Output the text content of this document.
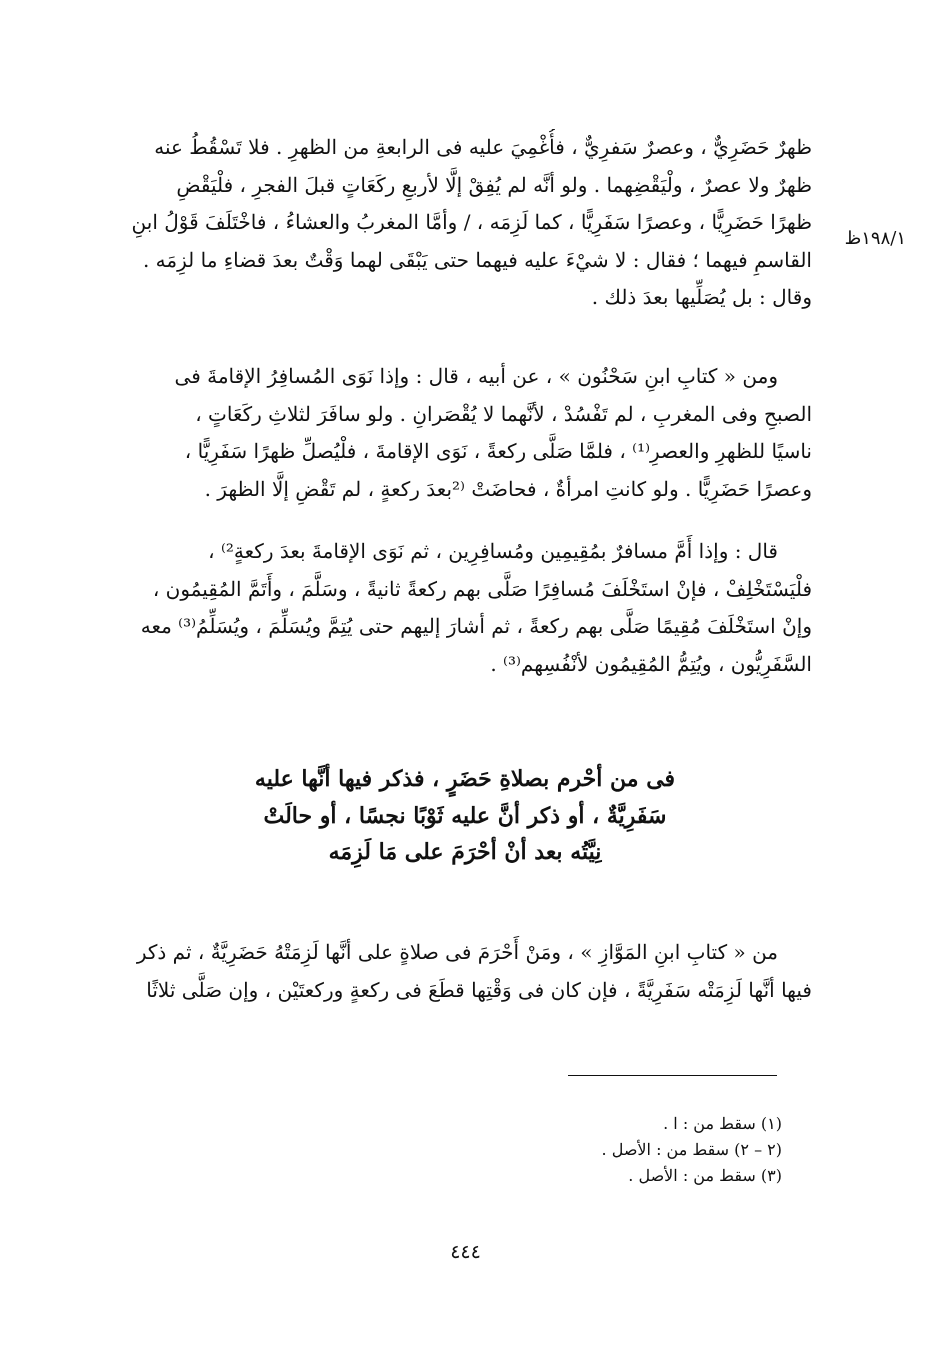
١٩٨/١ظ
ظهرٌ حَضَرِيٌّ ، وعصرٌ سَفرِيٌّ ، فأُغْمِيَ عليه فى الرابعةِ من الظهرِ . فلا تَسْقُطُ عنه
ظهرٌ ولا عصرٌ ، ولْيَقْضِهما . ولو أنَّه لم يُفِقْ إلَّا لأربعِ ركَعَاتٍ قبلَ الفجرِ ، فلْيَقْضِ
ظهرًا حَضَرِيًّا ، وعصرًا سَفَرِيًّا ، كما لَزِمَه ، / وأمَّا المغربُ والعشاءُ ، فاخْتَلَفَ قَوْلُ ابنِ
القاسمِ فيهما ؛ فقال : لا شيْءَ عليه فيهما حتى يَبْقَى لهما وَقْتٌ بعدَ قضاءِ ما لزِمَه .
وقال : بل يُصَلِّيها بعدَ ذلك .
ومن « كتابِ ابنِ سَحْنُون » ، عن أبيه ، قال : وإذا نَوَى المُسافِرُ الإقامةَ فى
الصبحِ وفى المغربِ ، لم تَفْسُدْ ، لأنَّهما لا يُقْصَرانِ . ولو سافَرَ لثلاثِ ركَعَاتٍ ،
ناسيًا للظهرِ والعصرِ⁽¹⁾ ، فلمَّا صَلَّى ركعةً ، نَوَى الإقامةَ ، فلْيُصلِّ ظهرًا سَفَرِيًّا ،
وعصرًا حَضَرِيًّا . ولو كانتِ امرأةٌ ، فحاضَتْ ⁽²بعدَ ركعةٍ ، لم تَقْضِ إلَّا الظهرَ .
قال : وإذا أَمَّ مسافرٌ بمُقِيمِين ومُسافِرِين ، ثم نَوَى الإقامةَ بعدَ ركعةٍ²⁾ ،
فلْيَسْتَخْلِفْ ، فإنْ استَخْلَفَ مُسافِرًا صَلَّى بهم ركعةً ثانيةً ، وسَلَّمَ ، وأَتَمَّ المُقِيمُون ،
وإنْ استَخْلَفَ مُقِيمًا صَلَّى بهم ركعةً ، ثم أشارَ إليهم حتى يُتِمَّ ويُسَلِّمَ ، ويُسَلِّمُ⁽³⁾ معه
السَّفَرِيُّون ، ويُتِمُّ المُقِيمُون لأنْفُسِهم⁽³⁾ .
فى من أحْرم بصلاةِ حَضَرٍ ، فذكر فيها أنَّها عليه
سَفَرِيَّةٌ ، أو ذكر أنَّ عليه ثَوْبًا نجسًا ، أو حالَتْ
نِيَّتُه بعد أنْ أحْرَمَ على مَا لَزِمَه
من « كتابِ ابنِ المَوَّازِ » ، ومَنْ أَحْرَمَ فى صلاةٍ على أنَّها لَزِمَتْهُ حَضَرِيَّةٌ ، ثم ذكر
فيها أنَّها لَزِمَتْه سَفَرِيَّةً ، فإن كان فى وَقْتِها قطَعَ فى ركعةٍ وركعتَيْن ، وإن صَلَّى ثلاثًا
(١) سقط من : ا .
(٢ – ٢) سقط من : الأصل .
(٣) سقط من : الأصل .
٤٤٤
